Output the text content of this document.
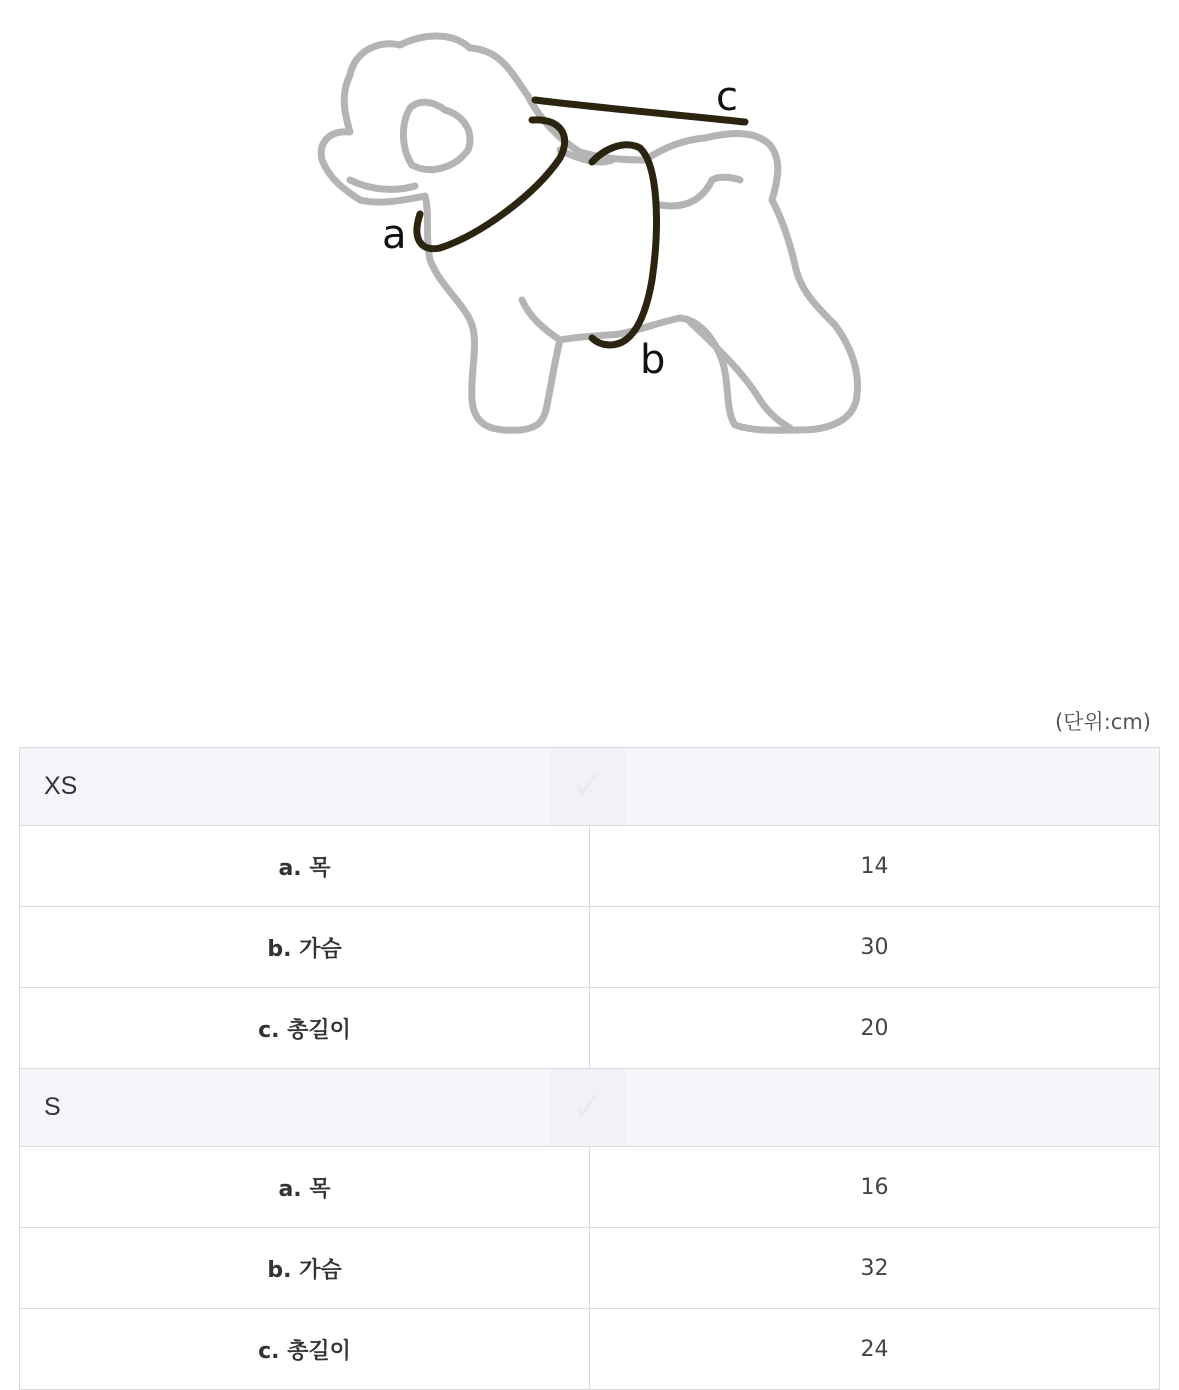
a
b
c
(단위:cm)
XS ✓	

a. 목	14
b. 가슴	30
c. 총길이	20
S ✓	

a. 목	16
b. 가슴	32
c. 총길이	24
